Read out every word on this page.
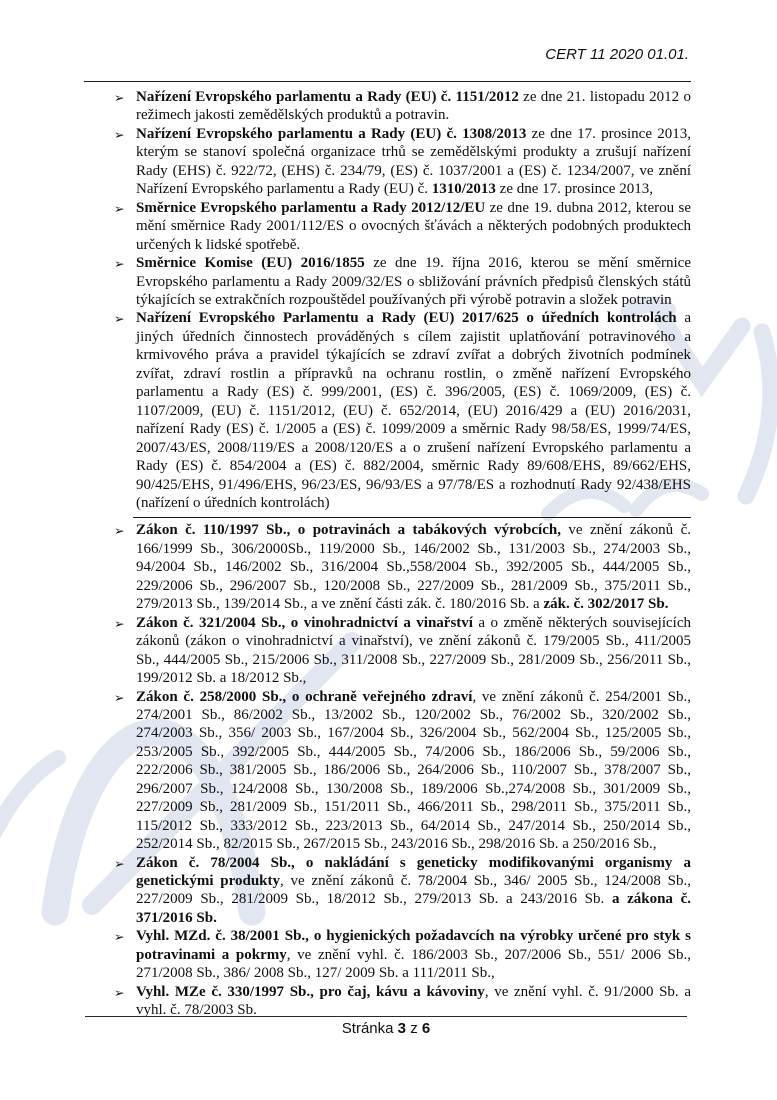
CERT 11 2020 01.01.
➢ Nařízení Evropského parlamentu a Rady (EU) č. 1151/2012 ze dne 21. listopadu 2012 o režimech jakosti zemědělských produktů a potravin.
➢ Nařízení Evropského parlamentu a Rady (EU) č. 1308/2013 ze dne 17. prosince 2013, kterým se stanoví společná organizace trhů se zemědělskými produkty a zrušují nařízení Rady (EHS) č. 922/72, (EHS) č. 234/79, (ES) č. 1037/2001 a (ES) č. 1234/2007, ve znění Nařízení Evropského parlamentu a Rady (EU) č. 1310/2013 ze dne 17. prosince 2013,
➢ Směrnice Evropského parlamentu a Rady 2012/12/EU ze dne 19. dubna 2012, kterou se mění směrnice Rady 2001/112/ES o ovocných šťávách a některých podobných produktech určených k lidské spotřebě.
➢ Směrnice Komise (EU) 2016/1855 ze dne 19. října 2016, kterou se mění směrnice Evropského parlamentu a Rady 2009/32/ES o sbližování právních předpisů členských států týkajících se extrakčních rozpouštědel používaných při výrobě potravin a složek potravin
➢ Nařízení Evropského Parlamentu a Rady (EU) 2017/625 o úředních kontrolách a jiných úředních činnostech prováděných s cílem zajistit uplatňování potravinového a krmivového práva a pravidel týkajících se zdraví zvířat a dobrých životních podmínek zvířat, zdraví rostlin a přípravků na ochranu rostlin, o změně nařízení Evropského parlamentu a Rady (ES) č. 999/2001, (ES) č. 396/2005, (ES) č. 1069/2009, (ES) č. 1107/2009, (EU) č. 1151/2012, (EU) č. 652/2014, (EU) 2016/429 a (EU) 2016/2031, nařízení Rady (ES) č. 1/2005 a (ES) č. 1099/2009 a směrnic Rady 98/58/ES, 1999/74/ES, 2007/43/ES, 2008/119/ES a 2008/120/ES a o zrušení nařízení Evropského parlamentu a Rady (ES) č. 854/2004 a (ES) č. 882/2004, směrnic Rady 89/608/EHS, 89/662/EHS, 90/425/EHS, 91/496/EHS, 96/23/ES, 96/93/ES a 97/78/ES a rozhodnutí Rady 92/438/EHS (nařízení o úředních kontrolách)
➢ Zákon č. 110/1997 Sb., o potravinách a tabákových výrobcích, ve znění zákonů č. 166/1999 Sb., 306/2000Sb., 119/2000 Sb., 146/2002 Sb., 131/2003 Sb., 274/2003 Sb., 94/2004 Sb., 146/2002 Sb., 316/2004 Sb.,558/2004 Sb., 392/2005 Sb., 444/2005 Sb., 229/2006 Sb., 296/2007 Sb., 120/2008 Sb., 227/2009 Sb., 281/2009 Sb., 375/2011 Sb., 279/2013 Sb., 139/2014 Sb., a ve znění části zák. č. 180/2016 Sb. a zák. č. 302/2017 Sb.
➢ Zákon č. 321/2004 Sb., o vinohradnictví a vinařství a o změně některých souvisejících zákonů (zákon o vinohradnictví a vinařství), ve znění zákonů č. 179/2005 Sb., 411/2005 Sb., 444/2005 Sb., 215/2006 Sb., 311/2008 Sb., 227/2009 Sb., 281/2009 Sb., 256/2011 Sb., 199/2012 Sb. a 18/2012 Sb.,
➢ Zákon č. 258/2000 Sb., o ochraně veřejného zdraví, ve znění zákonů č. 254/2001 Sb., 274/2001 Sb., 86/2002 Sb., 13/2002 Sb., 120/2002 Sb., 76/2002 Sb., 320/2002 Sb., 274/2003 Sb., 356/ 2003 Sb., 167/2004 Sb., 326/2004 Sb., 562/2004 Sb., 125/2005 Sb., 253/2005 Sb., 392/2005 Sb., 444/2005 Sb., 74/2006 Sb., 186/2006 Sb., 59/2006 Sb., 222/2006 Sb., 381/2005 Sb., 186/2006 Sb., 264/2006 Sb., 110/2007 Sb., 378/2007 Sb., 296/2007 Sb., 124/2008 Sb., 130/2008 Sb., 189/2006 Sb.,274/2008 Sb., 301/2009 Sb., 227/2009 Sb., 281/2009 Sb., 151/2011 Sb., 466/2011 Sb., 298/2011 Sb., 375/2011 Sb., 115/2012 Sb., 333/2012 Sb., 223/2013 Sb., 64/2014 Sb., 247/2014 Sb., 250/2014 Sb., 252/2014 Sb., 82/2015 Sb., 267/2015 Sb., 243/2016 Sb., 298/2016 Sb. a 250/2016 Sb.,
➢ Zákon č. 78/2004 Sb., o nakládání s geneticky modifikovanými organismy a genetickými produkty, ve znění zákonů č. 78/2004 Sb., 346/ 2005 Sb., 124/2008 Sb., 227/2009 Sb., 281/2009 Sb., 18/2012 Sb., 279/2013 Sb. a 243/2016 Sb. a zákona č. 371/2016 Sb.
➢ Vyhl. MZd. č. 38/2001 Sb., o hygienických požadavcích na výrobky určené pro styk s potravinami a pokrmy, ve znění vyhl. č. 186/2003 Sb., 207/2006 Sb., 551/ 2006 Sb., 271/2008 Sb., 386/ 2008 Sb., 127/ 2009 Sb. a 111/2011 Sb.,
➢ Vyhl. MZe č. 330/1997 Sb., pro čaj, kávu a kávoviny, ve znění vyhl. č. 91/2000 Sb. a vyhl. č. 78/2003 Sb.
Stránka 3 z 6
